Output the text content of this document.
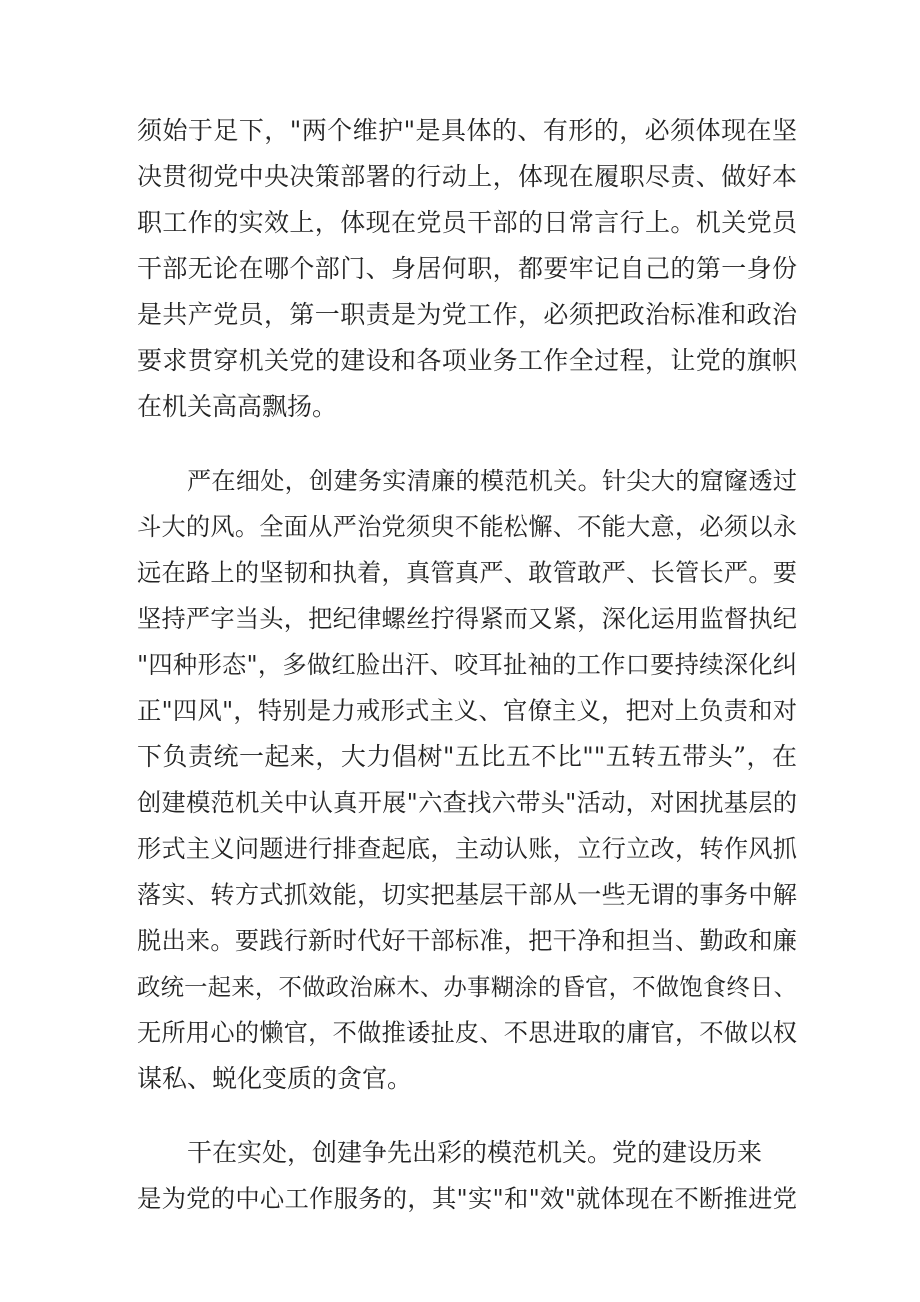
须始于足下，"两个维护"是具体的、有形的，必须体现在坚
决贯彻党中央决策部署的行动上，体现在履职尽责、做好本
职工作的实效上，体现在党员干部的日常言行上。机关党员
干部无论在哪个部门、身居何职，都要牢记自己的第一身份
是共产党员，第一职责是为党工作，必须把政治标准和政治
要求贯穿机关党的建设和各项业务工作全过程，让党的旗帜
在机关高高飘扬。
严在细处，创建务实清廉的模范机关。针尖大的窟窿透过
斗大的风。全面从严治党须臾不能松懈、不能大意，必须以永
远在路上的坚韧和执着，真管真严、敢管敢严、长管长严。要
坚持严字当头，把纪律螺丝拧得紧而又紧，深化运用监督执纪
"四种形态"，多做红脸出汗、咬耳扯袖的工作口要持续深化纠
正"四风"，特别是力戒形式主义、官僚主义，把对上负责和对
下负责统一起来，大力倡树"五比五不比""五转五带头”，在
创建模范机关中认真开展"六查找六带头"活动，对困扰基层的
形式主义问题进行排查起底，主动认账，立行立改，转作风抓
落实、转方式抓效能，切实把基层干部从一些无谓的事务中解
脱出来。要践行新时代好干部标准，把干净和担当、勤政和廉
政统一起来，不做政治麻木、办事糊涂的昏官，不做饱食终日、
无所用心的懒官，不做推诿扯皮、不思进取的庸官，不做以权
谋私、蜕化变质的贪官。
干在实处，创建争先出彩的模范机关。党的建设历来
是为党的中心工作服务的，其"实"和"效"就体现在不断推进党
